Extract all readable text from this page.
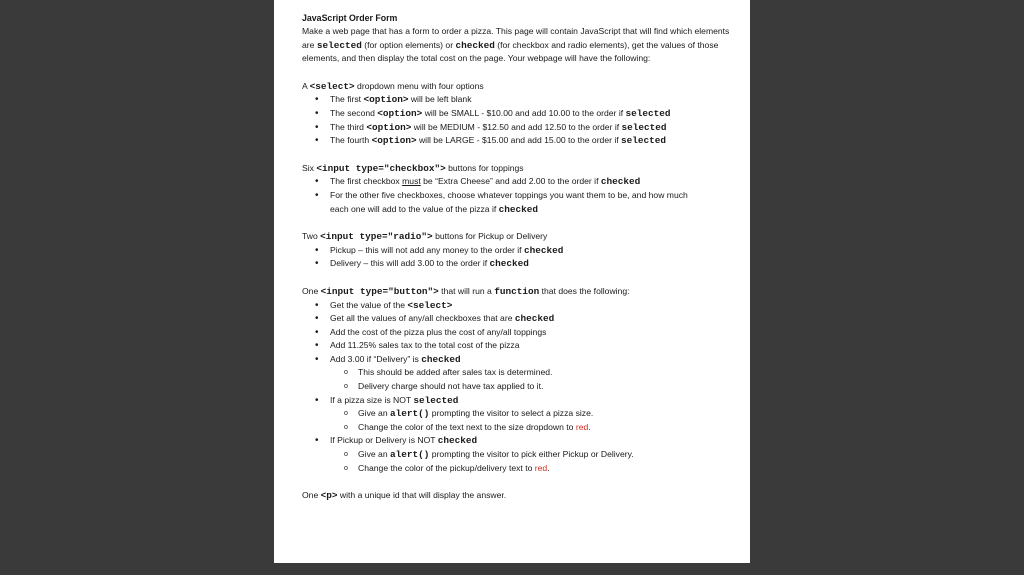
JavaScript Order Form

Make a web page that has a form to order a pizza. This page will contain JavaScript that will find which elements are selected (for option elements) or checked (for checkbox and radio elements), get the values of those elements, and then display the total cost on the page. Your webpage will have the following:

A <select> dropdown menu with four options

• The first <option> will be left blank
• The second <option> will be SMALL - $10.00 and add 10.00 to the order if selected
• The third <option> will be MEDIUM - $12.50 and add 12.50 to the order if selected
• The fourth <option> will be LARGE - $15.00 and add 15.00 to the order if selected

Six <input type="checkbox"> buttons for toppings

• The first checkbox must be “Extra Cheese” and add 2.00 to the order if checked
• For the other five checkboxes, choose whatever toppings you want them to be, and how much each one will add to the value of the pizza if checked

Two <input type="radio"> buttons for Pickup or Delivery

• Pickup – this will not add any money to the order if checked
• Delivery – this will add 3.00 to the order if checked

One <input type="button"> that will run a function that does the following:

• Get the value of the <select>
• Get all the values of any/all checkboxes that are checked
• Add the cost of the pizza plus the cost of any/all toppings
• Add 11.25% sales tax to the total cost of the pizza
• Add 3.00 if “Delivery” is checked
o This should be added after sales tax is determined.
o Delivery charge should not have tax applied to it.
• If a pizza size is NOT selected
o Give an alert() prompting the visitor to select a pizza size.
o Change the color of the text next to the size dropdown to red.
• If Pickup or Delivery is NOT checked
o Give an alert() prompting the visitor to pick either Pickup or Delivery.
o Change the color of the pickup/delivery text to red.

One <p> with a unique id that will display the answer.
